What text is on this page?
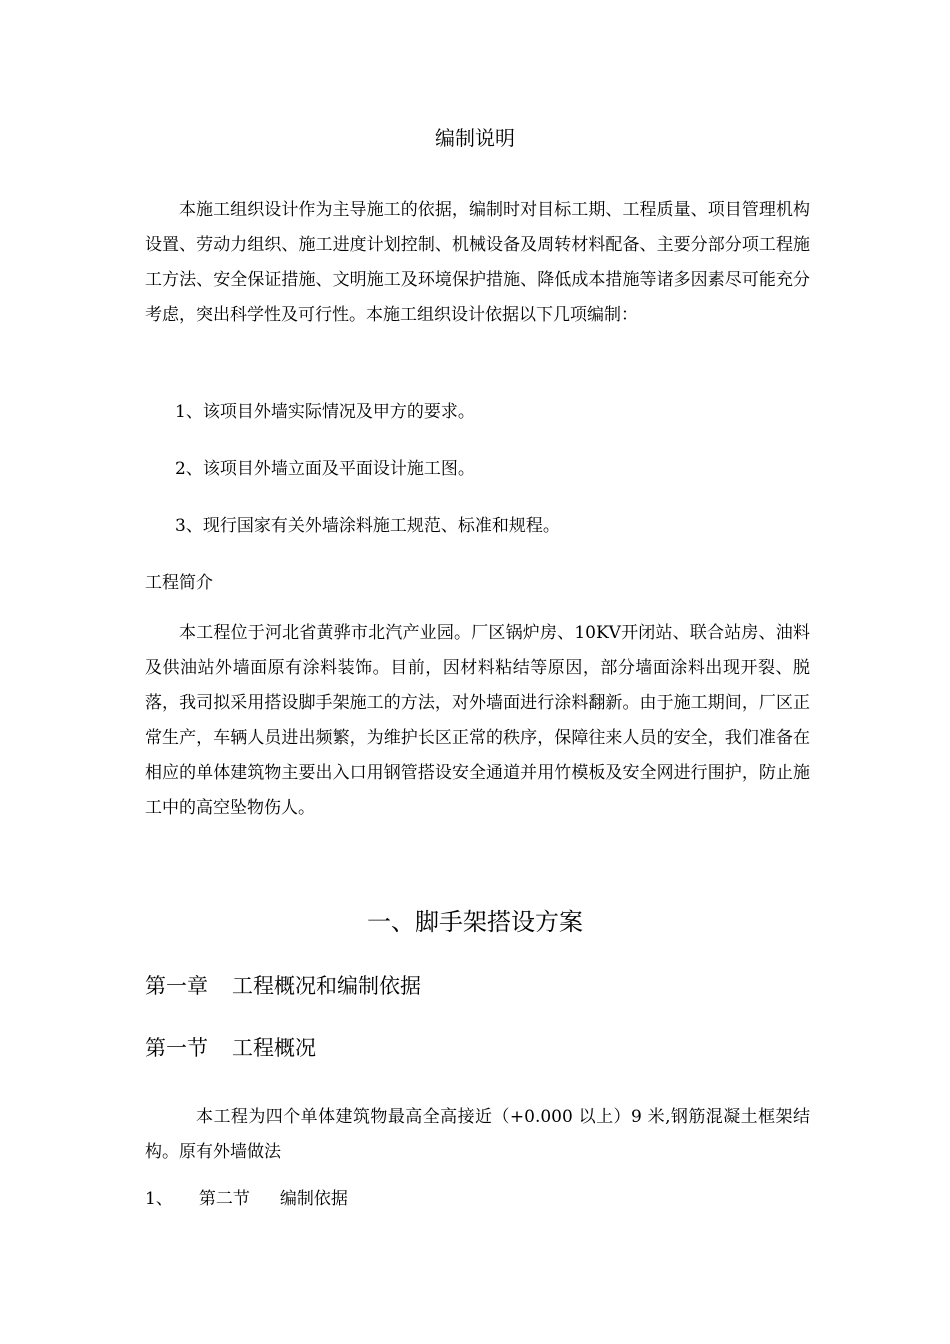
编制说明

本施工组织设计作为主导施工的依据，编制时对目标工期、工程质量、项目管理机构设置、劳动力组织、施工进度计划控制、机械设备及周转材料配备、主要分部分项工程施工方法、安全保证措施、文明施工及环境保护措施、降低成本措施等诸多因素尽可能充分考虑，突出科学性及可行性。本施工组织设计依据以下几项编制：

1、该项目外墙实际情况及甲方的要求。
2、该项目外墙立面及平面设计施工图。
3、现行国家有关外墙涂料施工规范、标准和规程。
工程简介

本工程位于河北省黄骅市北汽产业园。厂区锅炉房、10KV开闭站、联合站房、油料及供油站外墙面原有涂料装饰。目前，因材料粘结等原因，部分墙面涂料出现开裂、脱落，我司拟采用搭设脚手架施工的方法，对外墙面进行涂料翻新。由于施工期间，厂区正常生产，车辆人员进出频繁，为维护长区正常的秩序，保障往来人员的安全，我们准备在相应的单体建筑物主要出入口用钢管搭设安全通道并用竹模板及安全网进行围护，防止施工中的高空坠物伤人。

一、脚手架搭设方案
第一章 工程概况和编制依据
第一节 工程概况

本工程为四个单体建筑物最高全高接近（+0.000 以上）9 米,钢筋混凝土框架结构。原有外墙做法

1、 第二节 编制依据
